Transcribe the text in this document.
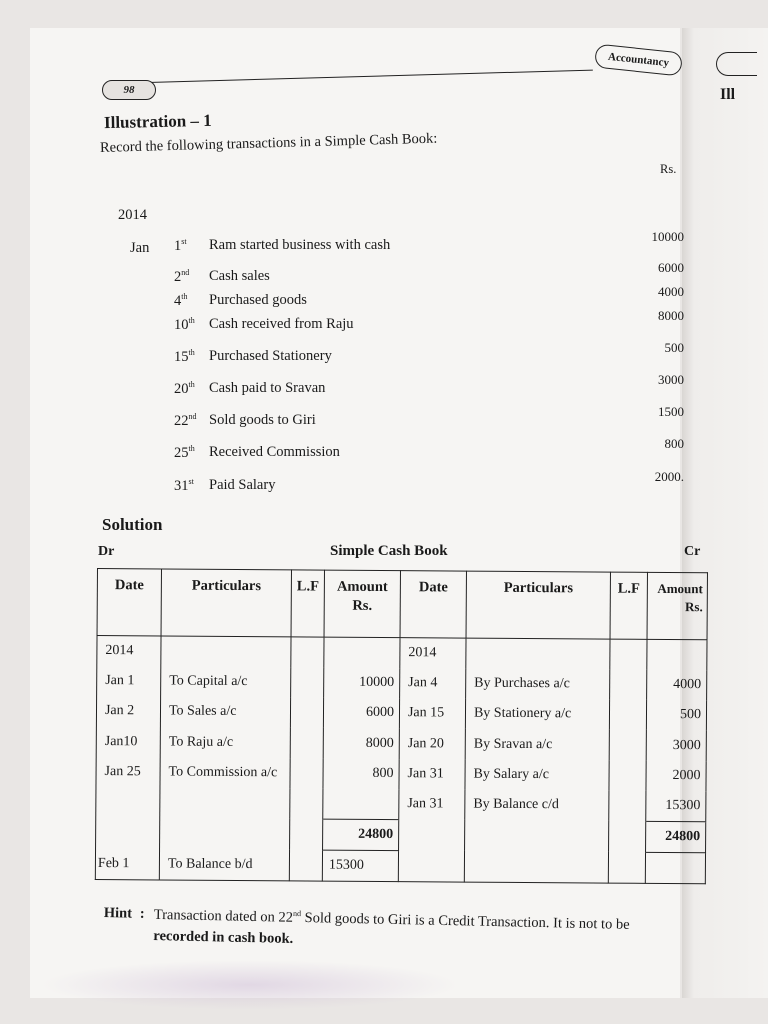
Ill
98
Accountancy
Illustration – 1
Record the following transactions in a Simple Cash Book:
Rs.
2014
Jan 1st Ram started business with cash
10000
2nd Cash sales
6000
4th Purchased goods
4000
10th Cash received from Raju
8000
15th Purchased Stationery
500
20th Cash paid to Sravan
3000
22nd Sold goods to Giri
1500
25th Received Commission
800
31st Paid Salary
2000.
Solution
Dr	Simple Cash Book	Cr
Date	Particulars	L.F	Amount
Rs.	Date	Particulars	L.F	Amount
Rs.

2014				2014			
Jan 1	To Capital a/c		10000	Jan 4	By Purchases a/c		4000
Jan 2	To Sales a/c		6000	Jan 15	By Stationery a/c		500
Jan10	To Raju a/c		8000	Jan 20	By Sravan a/c		3000
Jan 25	To Commission a/c		800	Jan 31	By Salary a/c		2000
				Jan 31	By Balance c/d		15300
			24800				24800
Feb 1	To Balance b/d		15300				
Hint : Transaction dated on 22nd Sold goods to Giri is a Credit Transaction. It is not to be
recorded in cash book.
